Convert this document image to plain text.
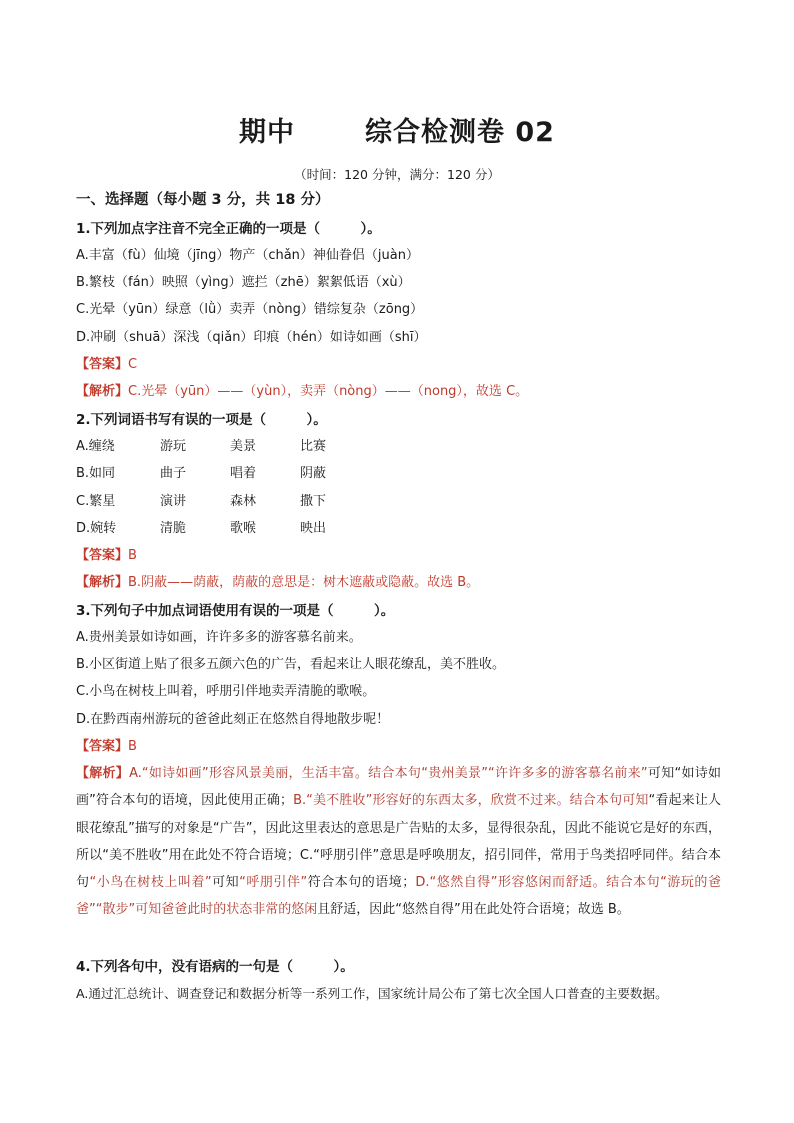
期中	综合检测卷 02
（时间：120 分钟，满分：120 分）
一、选择题（每小题 3 分，共 18 分）
1.下列加点字注音不完全正确的一项是（　　　）。
A.丰富（fù）仙境（jīng）物产（chǎn）神仙眷侣（juàn）
B.繁枝（fán）映照（yìng）遮拦（zhē）絮絮低语（xù）
C.光晕（yūn）绿意（lǜ）卖弄（nòng）错综复杂（zōng）
D.冲刷（shuā）深浅（qiǎn）印痕（hén）如诗如画（shī）
【答案】C
【解析】C.光晕（yūn）——（yùn），卖弄（nòng）——（nong），故选 C。
2.下列词语书写有误的一项是（　　　）。
A.缠绕	游玩	美景	比赛
B.如同	曲子	唱着	阴蔽
C.繁星	演讲	森林	撒下
D.婉转	清脆	歌喉	映出
【答案】B
【解析】B.阴蔽——荫蔽，荫蔽的意思是：树木遮蔽或隐蔽。故选 B。
3.下列句子中加点词语使用有误的一项是（　　　）。
A.贵州美景如诗如画，许许多多的游客慕名前来。
B.小区街道上贴了很多五颜六色的广告，看起来让人眼花缭乱，美不胜收。
C.小鸟在树枝上叫着，呼朋引伴地卖弄清脆的歌喉。
D.在黔西南州游玩的爸爸此刻正在悠然自得地散步呢！
【答案】B
【解析】A.“如诗如画”形容风景美丽，生活丰富。结合本句“贵州美景”“许许多多的游客慕名前来”可知“如诗如画”符合本句的语境，因此使用正确；B.“美不胜收”形容好的东西太多，欣赏不过来。结合本句可知“看起来让人眼花缭乱”描写的对象是“广告”，因此这里表达的意思是广告贴的太多，显得很杂乱，因此不能说它是好的东西，所以“美不胜收”用在此处不符合语境；C.“呼朋引伴”意思是呼唤朋友，招引同伴，常用于鸟类招呼同伴。结合本句“小鸟在树枝上叫着”可知“呼朋引伴”符合本句的语境；D.“悠然自得”形容悠闲而舒适。结合本句“游玩的爸爸”“散步”可知爸爸此时的状态非常的悠闲且舒适，因此“悠然自得”用在此处符合语境；故选 B。
4.下列各句中，没有语病的一句是（　　　）。
A.通过汇总统计、调查登记和数据分析等一系列工作，国家统计局公布了第七次全国人口普查的主要数据。
